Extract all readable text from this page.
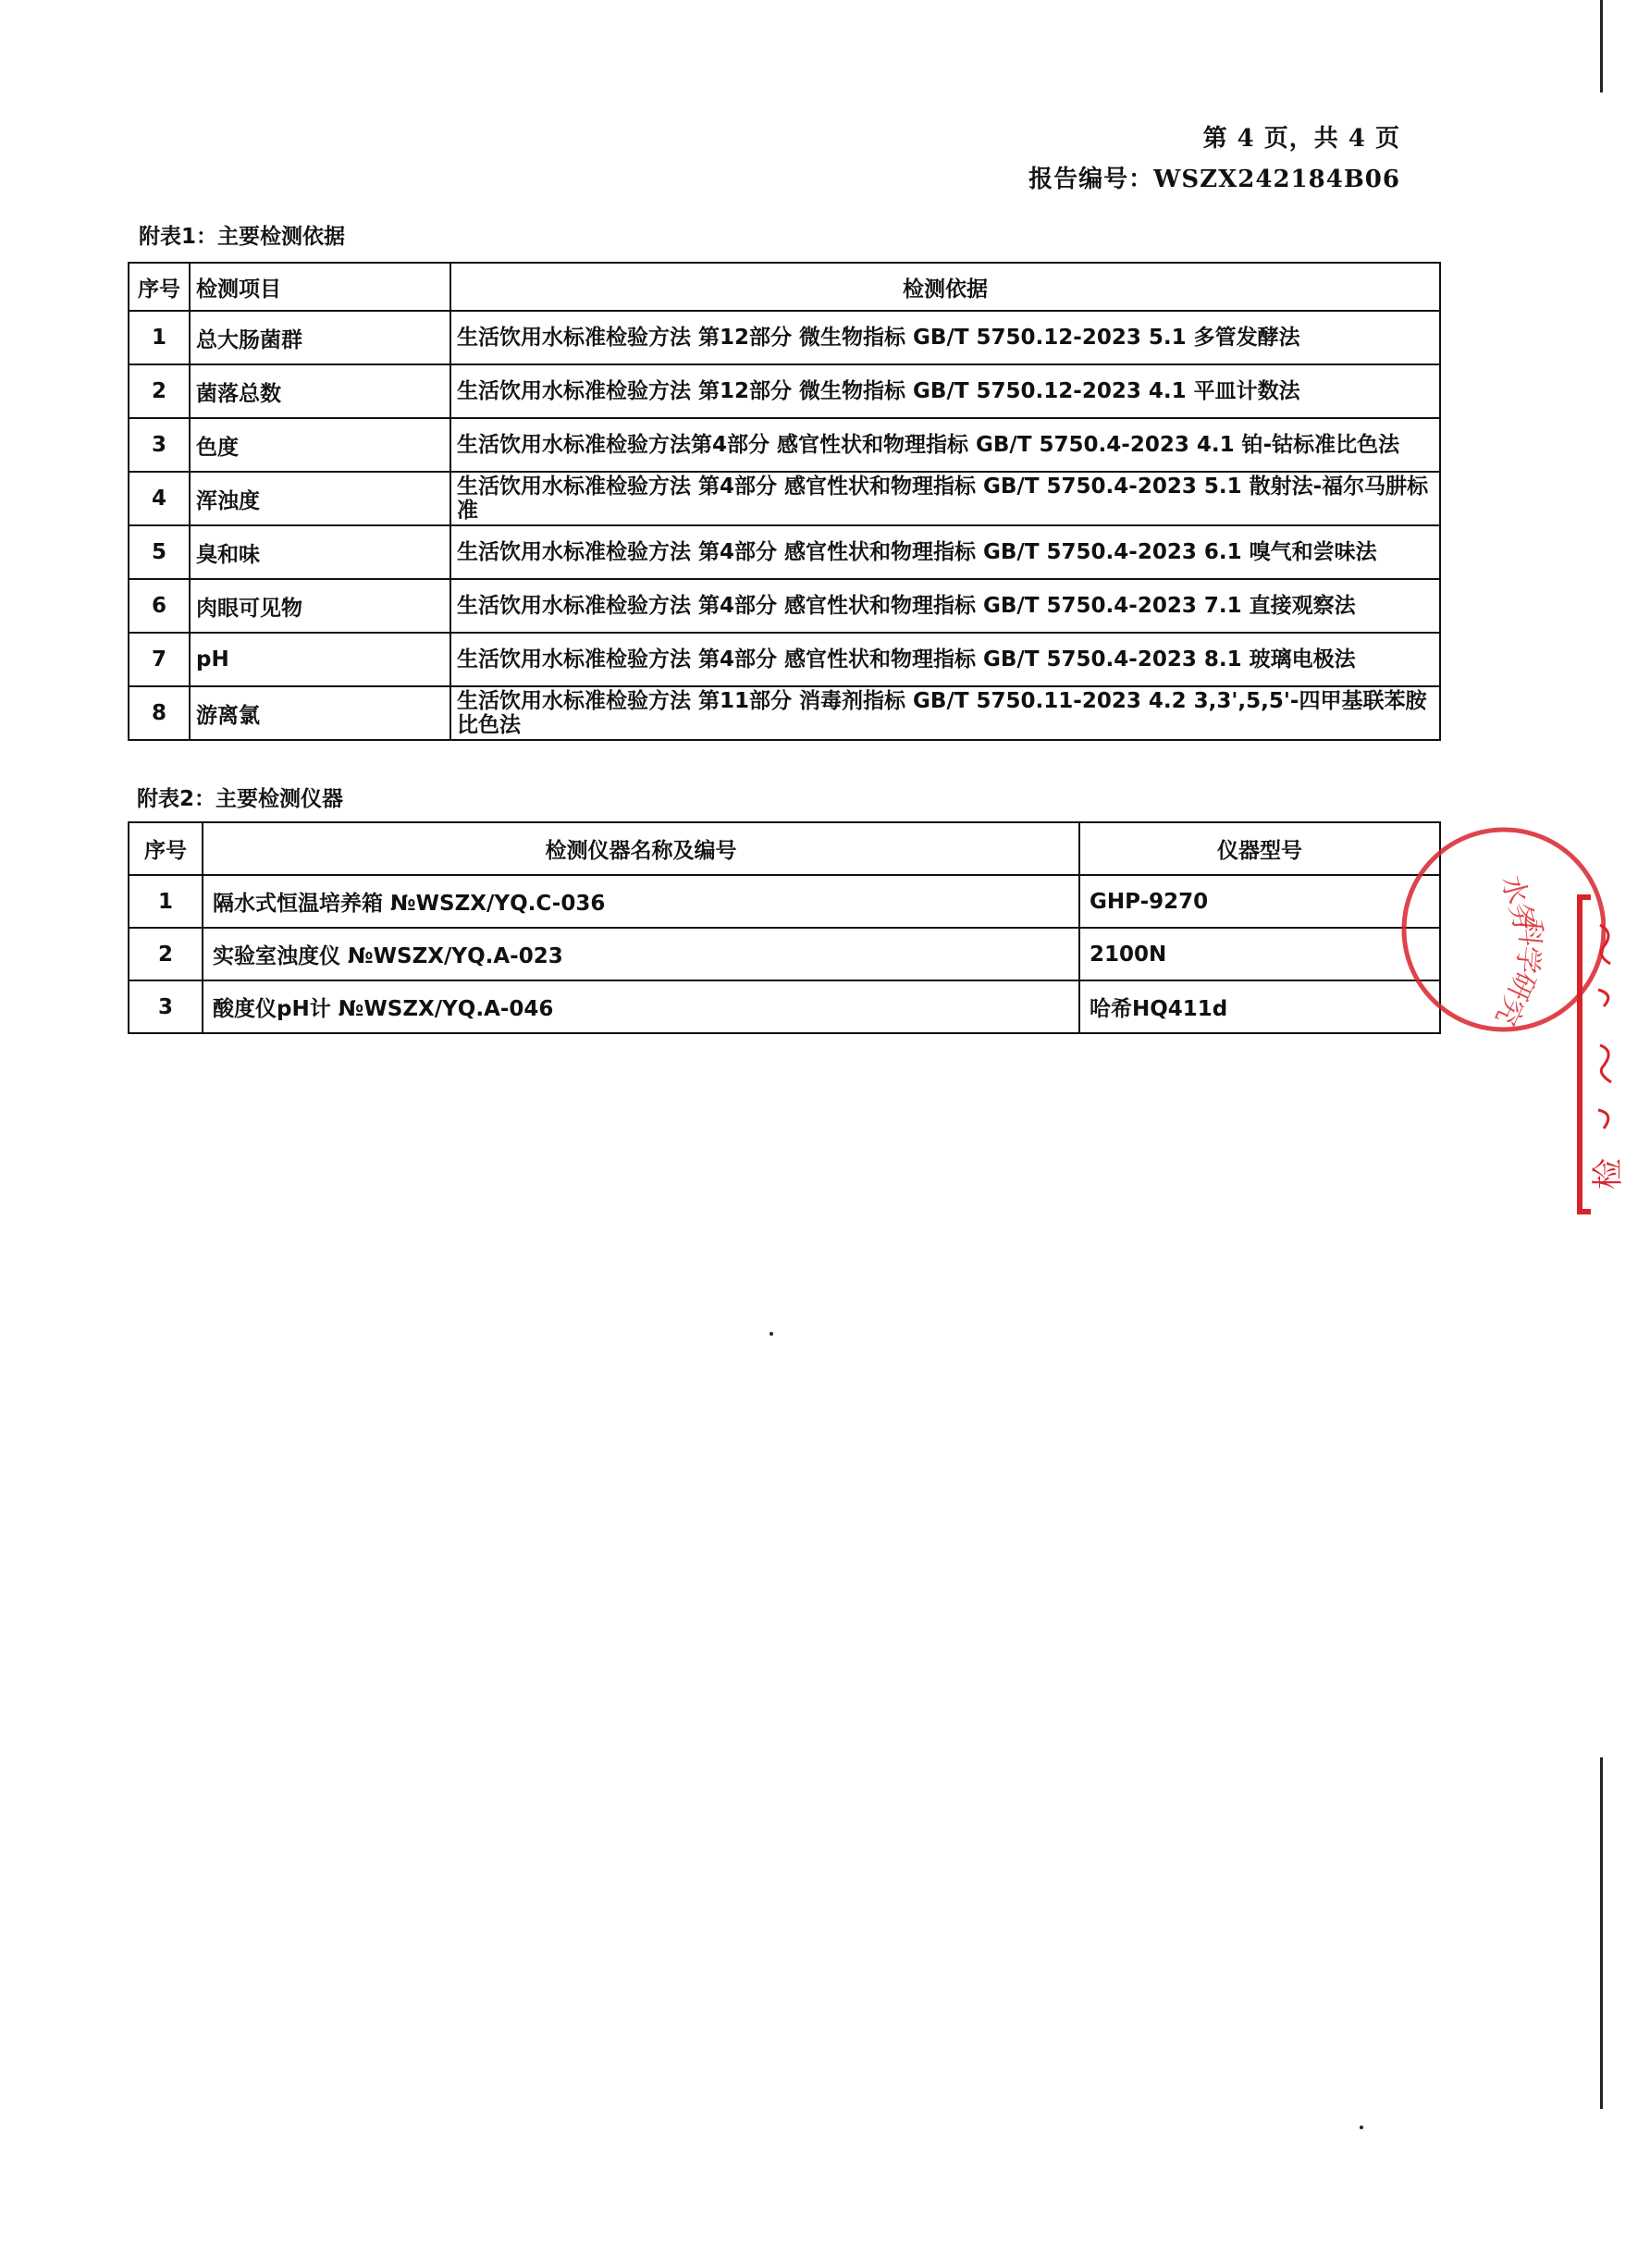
第 4 页，共 4 页
报告编号：WSZX242184B06
附表1：主要检测依据
序号	检测项目	检测依据
1	总大肠菌群	生活饮用水标准检验方法 第12部分 微生物指标 GB/T 5750.12-2023 5.1 多管发酵法
2	菌落总数	生活饮用水标准检验方法 第12部分 微生物指标 GB/T 5750.12-2023 4.1 平皿计数法
3	色度	生活饮用水标准检验方法第4部分 感官性状和物理指标 GB/T 5750.4-2023 4.1 铂-钴标准比色法
4	浑浊度	生活饮用水标准检验方法 第4部分 感官性状和物理指标 GB/T 5750.4-2023 5.1 散射法-福尔马肼标准
5	臭和味	生活饮用水标准检验方法 第4部分 感官性状和物理指标 GB/T 5750.4-2023 6.1 嗅气和尝味法
6	肉眼可见物	生活饮用水标准检验方法 第4部分 感官性状和物理指标 GB/T 5750.4-2023 7.1 直接观察法
7	pH	生活饮用水标准检验方法 第4部分 感官性状和物理指标 GB/T 5750.4-2023 8.1 玻璃电极法
8	游离氯	生活饮用水标准检验方法 第11部分 消毒剂指标 GB/T 5750.11-2023 4.2 3,3',5,5'-四甲基联苯胺比色法
附表2：主要检测仪器
序号	检测仪器名称及编号	仪器型号
1	隔水式恒温培养箱 №WSZX/YQ.C-036	GHP-9270
2	实验室浊度仪 №WSZX/YQ.A-023	2100N
3	酸度仪pH计 №WSZX/YQ.A-046	哈希HQ411d
水务
科学
研究
检
